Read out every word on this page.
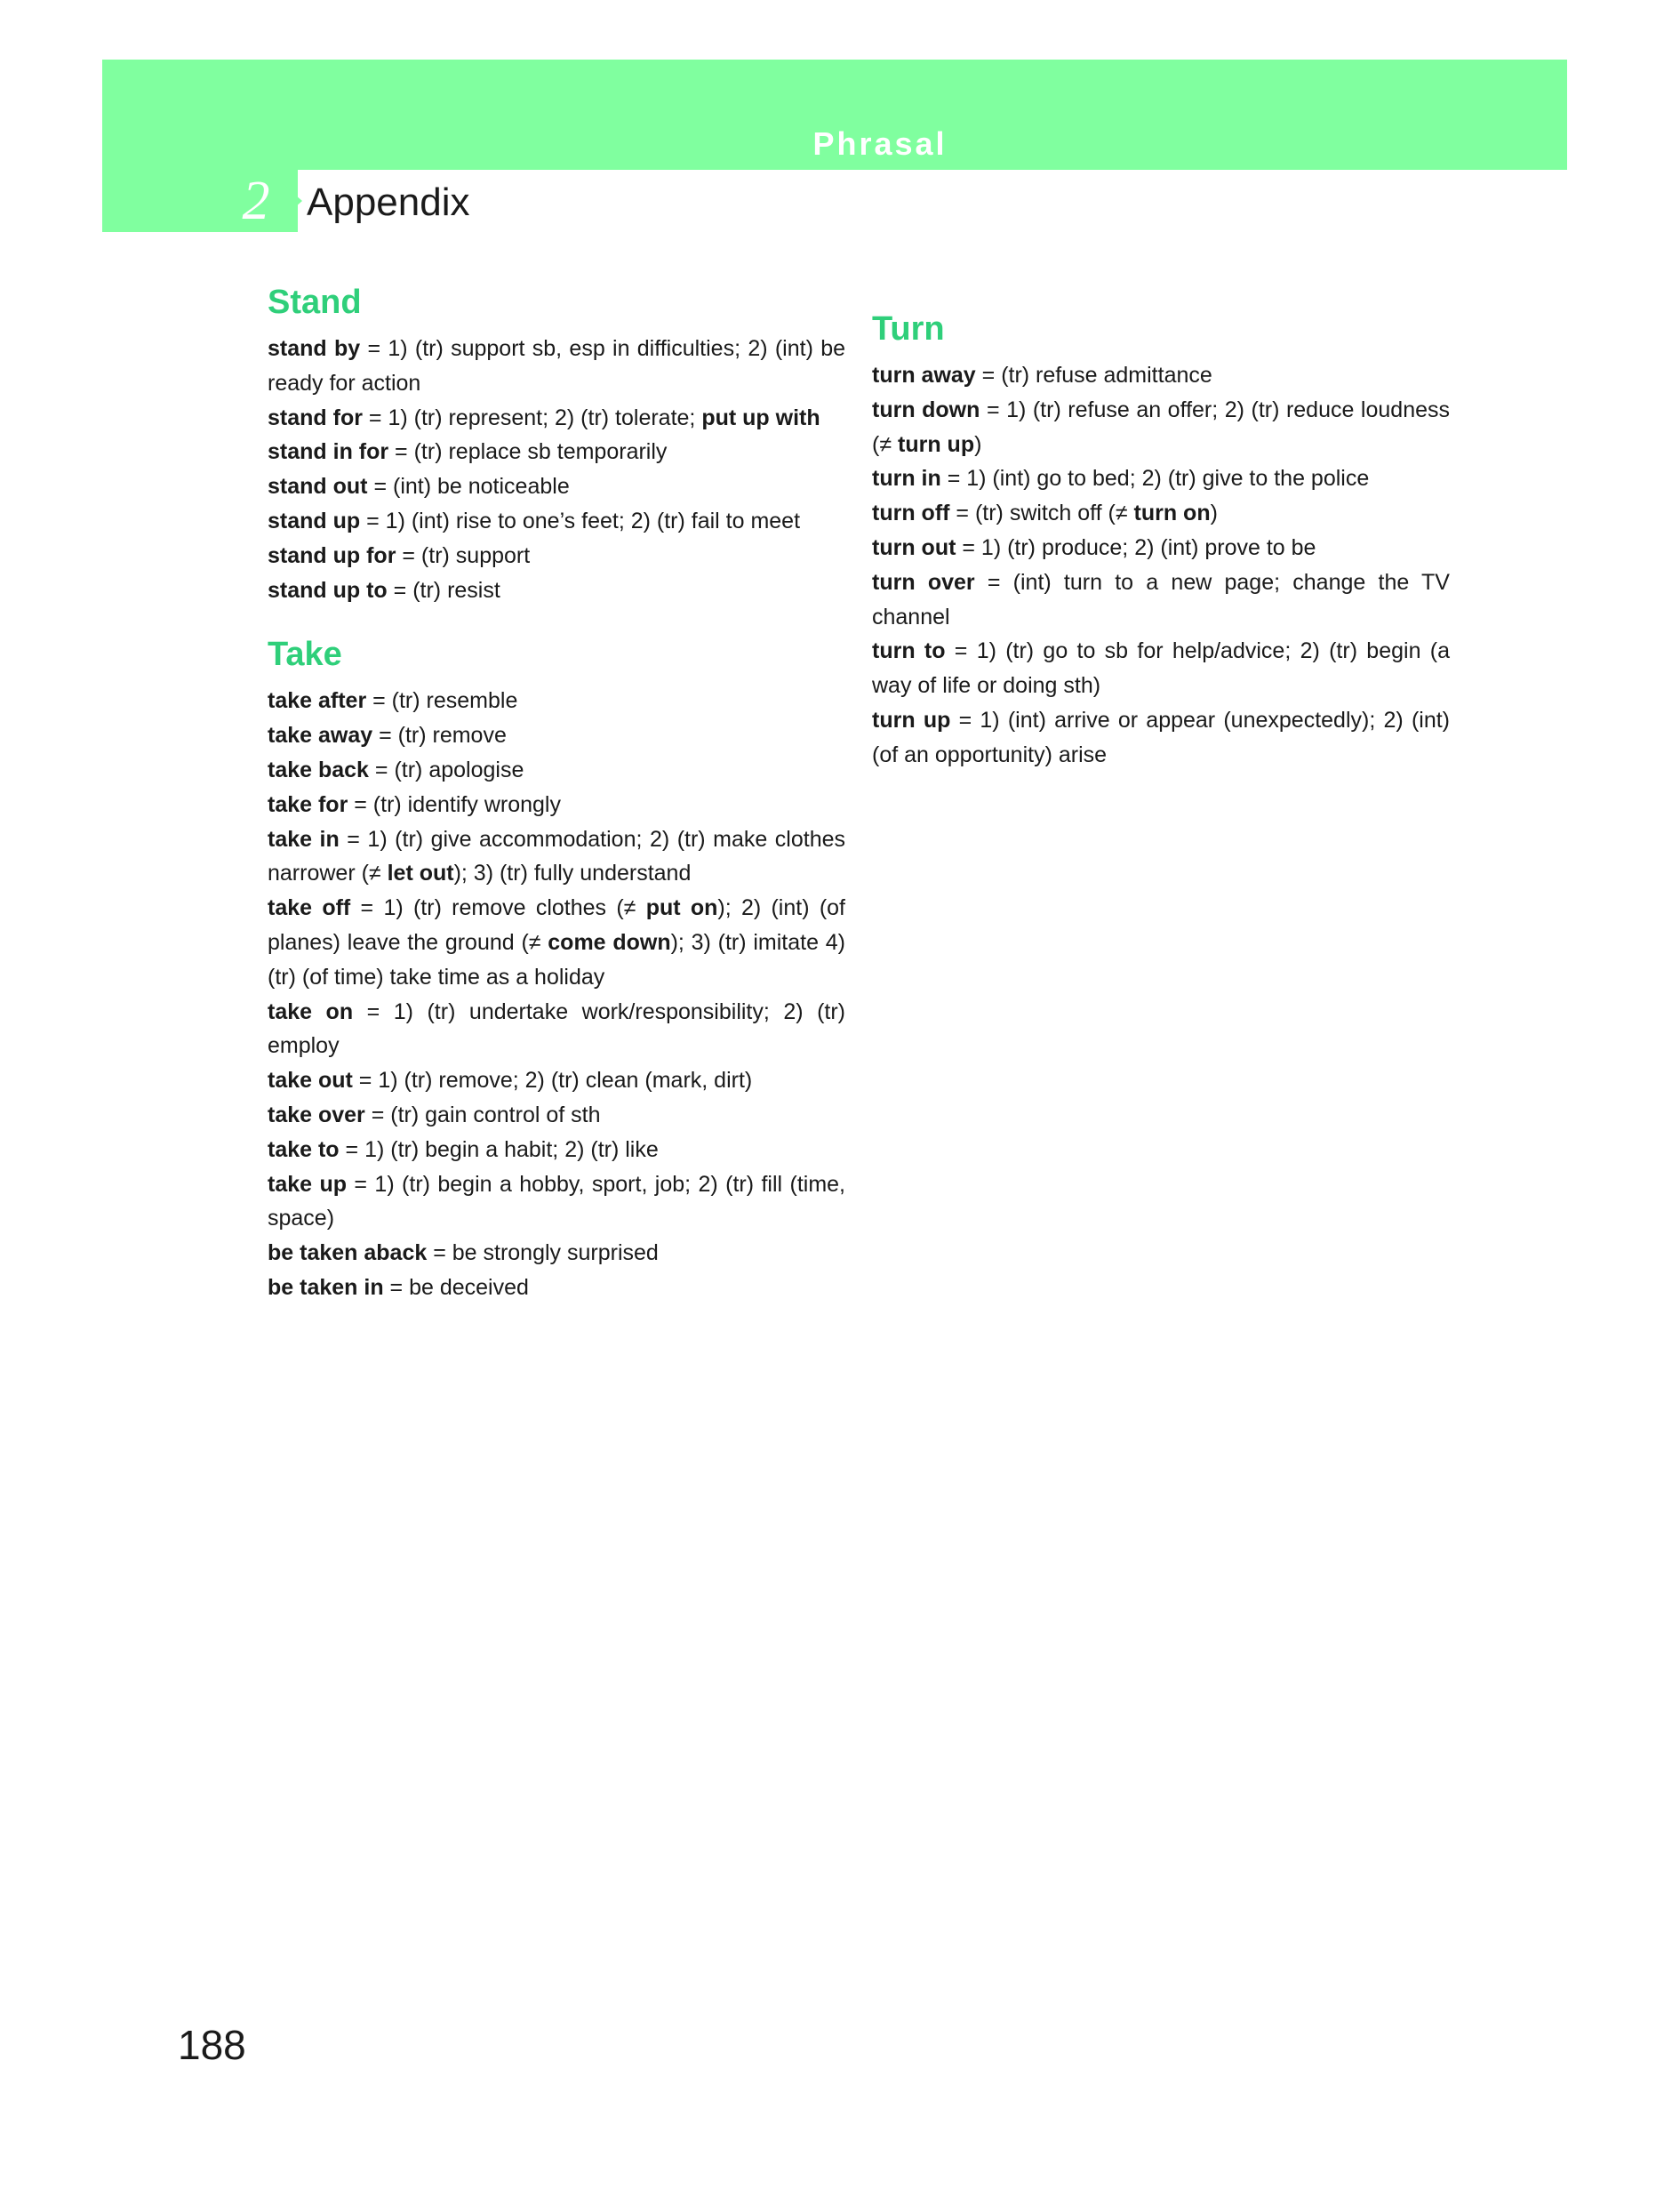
Phrasal Verbs
2 Appendix
Stand

stand by = 1) (tr) support sb, esp in difficulties; 2) (int) be ready for action

stand for = 1) (tr) represent; 2) (tr) tolerate; put up with

stand in for = (tr) replace sb temporarily

stand out = (int) be noticeable

stand up = 1) (int) rise to one’s feet; 2) (tr) fail to meet

stand up for = (tr) support

stand up to = (tr) resist

Take

take after = (tr) resemble

take away = (tr) remove

take back = (tr) apologise

take for = (tr) identify wrongly

take in = 1) (tr) give accommodation; 2) (tr) make clothes narrower (≠ let out); 3) (tr) fully understand

take off = 1) (tr) remove clothes (≠ put on); 2) (int) (of planes) leave the ground (≠ come down); 3) (tr) imitate 4) (tr) (of time) take time as a holiday

take on = 1) (tr) undertake work/responsibility; 2) (tr) employ

take out = 1) (tr) remove; 2) (tr) clean (mark, dirt)

take over = (tr) gain control of sth

take to = 1) (tr) begin a habit; 2) (tr) like

take up = 1) (tr) begin a hobby, sport, job; 2) (tr) fill (time, space)

be taken aback = be strongly surprised

be taken in = be deceived

Turn

turn away = (tr) refuse admittance

turn down = 1) (tr) refuse an offer; 2) (tr) reduce loudness (≠ turn up)

turn in = 1) (int) go to bed; 2) (tr) give to the police

turn off = (tr) switch off (≠ turn on)

turn out = 1) (tr) produce; 2) (int) prove to be

turn over = (int) turn to a new page; change the TV channel

turn to = 1) (tr) go to sb for help/advice; 2) (tr) begin (a way of life or doing sth)

turn up = 1) (int) arrive or appear (unexpectedly); 2) (int) (of an opportunity) arise

188
